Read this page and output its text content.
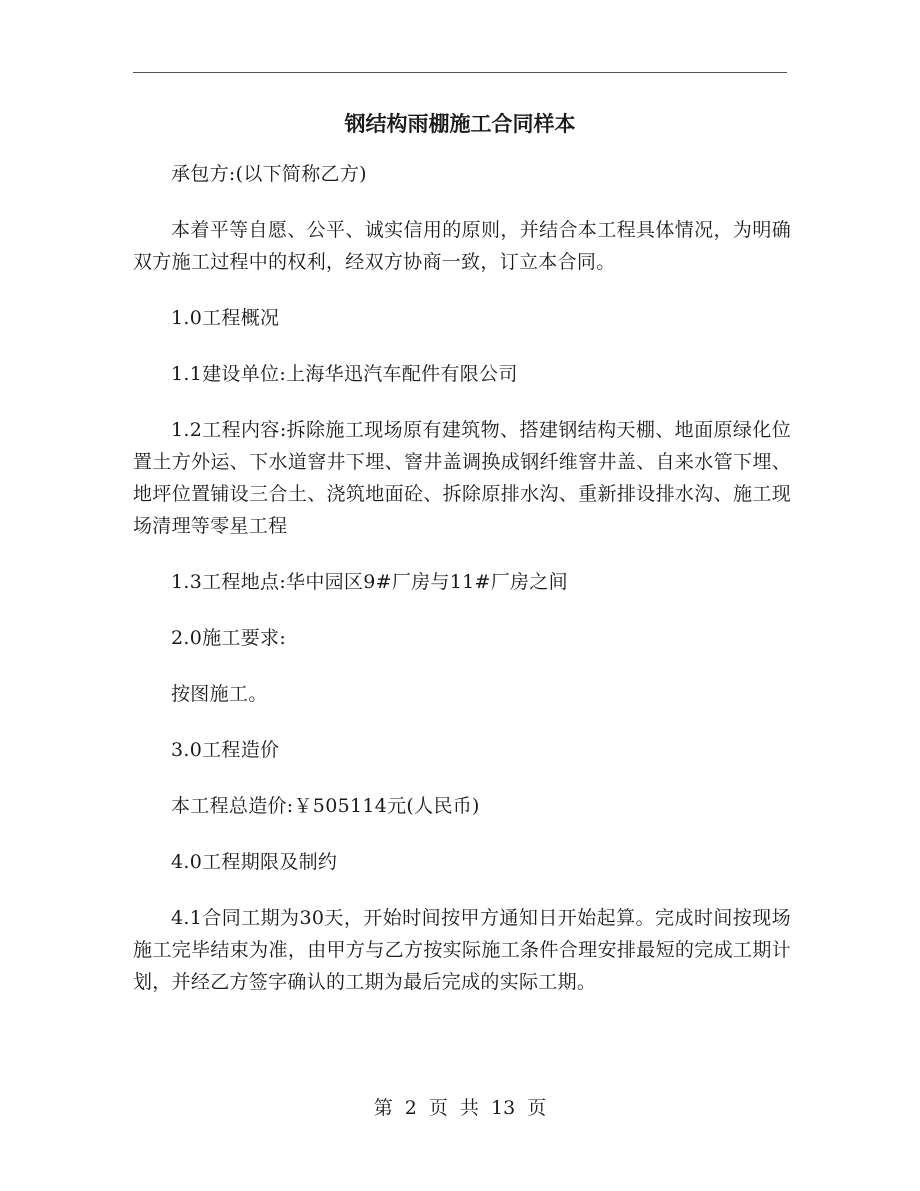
钢结构雨棚施工合同样本

承包方:(以下简称乙方)

本着平等自愿、公平、诚实信用的原则，并结合本工程具体情况，为明确双方施工过程中的权利，经双方协商一致，订立本合同。

1.0工程概况

1.1建设单位:上海华迅汽车配件有限公司

1.2工程内容:拆除施工现场原有建筑物、搭建钢结构天棚、地面原绿化位置土方外运、下水道窨井下埋、窨井盖调换成钢纤维窨井盖、自来水管下埋、地坪位置铺设三合土、浇筑地面砼、拆除原排水沟、重新排设排水沟、施工现场清理等零星工程

1.3工程地点:华中园区9#厂房与11#厂房之间

2.0施工要求:

按图施工。

3.0工程造价

本工程总造价:￥505114元(人民币)

4.0工程期限及制约

4.1合同工期为30天，开始时间按甲方通知日开始起算。完成时间按现场施工完毕结束为准，由甲方与乙方按实际施工条件合理安排最短的完成工期计划，并经乙方签字确认的工期为最后完成的实际工期。

第 2 页 共 13 页
